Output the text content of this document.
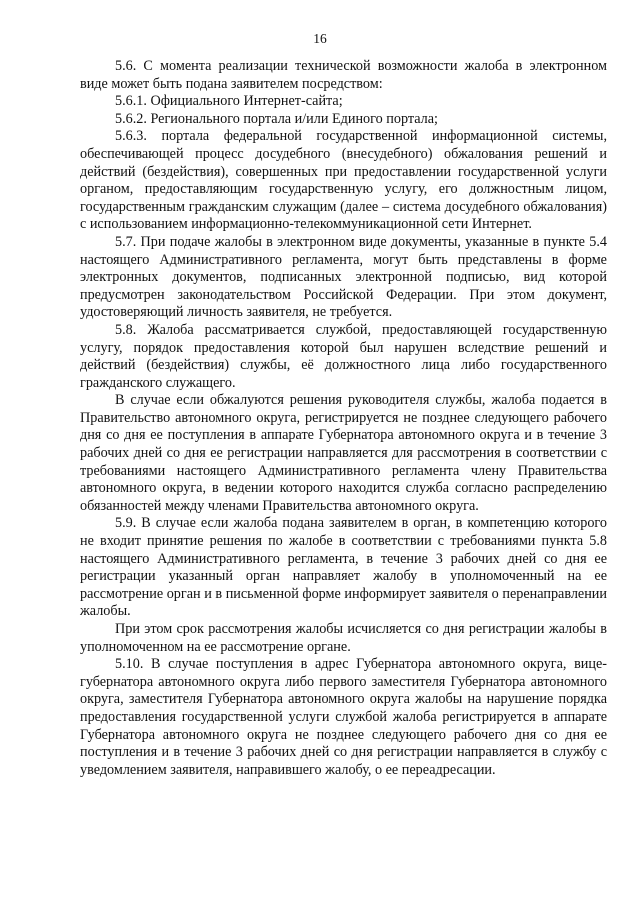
16

5.6. С момента реализации технической возможности жалоба в электронном виде может быть подана заявителем посредством:

5.6.1. Официального Интернет-сайта;

5.6.2. Регионального портала и/или Единого портала;

5.6.3. портала федеральной государственной информационной системы, обеспечивающей процесс досудебного (внесудебного) обжалования решений и действий (бездействия), совершенных при предоставлении государственной услуги органом, предоставляющим государственную услугу, его должностным лицом, государственным гражданским служащим (далее – система досудебного обжалования) с использованием информационно-телекоммуникационной сети Интернет.

5.7. При подаче жалобы в электронном виде документы, указанные в пункте 5.4 настоящего Административного регламента, могут быть представлены в форме электронных документов, подписанных электронной подписью, вид которой предусмотрен законодательством Российской Федерации. При этом документ, удостоверяющий личность заявителя, не требуется.

5.8. Жалоба рассматривается службой, предоставляющей государственную услугу, порядок предоставления которой был нарушен вследствие решений и действий (бездействия) службы, её должностного лица либо государственного гражданского служащего.

В случае если обжалуются решения руководителя службы, жалоба подается в Правительство автономного округа, регистрируется не позднее следующего рабочего дня со дня ее поступления в аппарате Губернатора автономного округа и в течение 3 рабочих дней со дня ее регистрации направляется для рассмотрения в соответствии с требованиями настоящего Административного регламента члену Правительства автономного округа, в ведении которого находится служба согласно распределению обязанностей между членами Правительства автономного округа.

5.9. В случае если жалоба подана заявителем в орган, в компетенцию которого не входит принятие решения по жалобе в соответствии с требованиями пункта 5.8 настоящего Административного регламента, в течение 3 рабочих дней со дня ее регистрации указанный орган направляет жалобу в уполномоченный на ее рассмотрение орган и в письменной форме информирует заявителя о перенаправлении жалобы.

При этом срок рассмотрения жалобы исчисляется со дня регистрации жалобы в уполномоченном на ее рассмотрение органе.

5.10. В случае поступления в адрес Губернатора автономного округа, вице-губернатора автономного округа либо первого заместителя Губернатора автономного округа, заместителя Губернатора автономного округа жалобы на нарушение порядка предоставления государственной услуги службой жалоба регистрируется в аппарате Губернатора автономного округа не позднее следующего рабочего дня со дня ее поступления и в течение 3 рабочих дней со дня регистрации направляется в службу с уведомлением заявителя, направившего жалобу, о ее переадресации.
